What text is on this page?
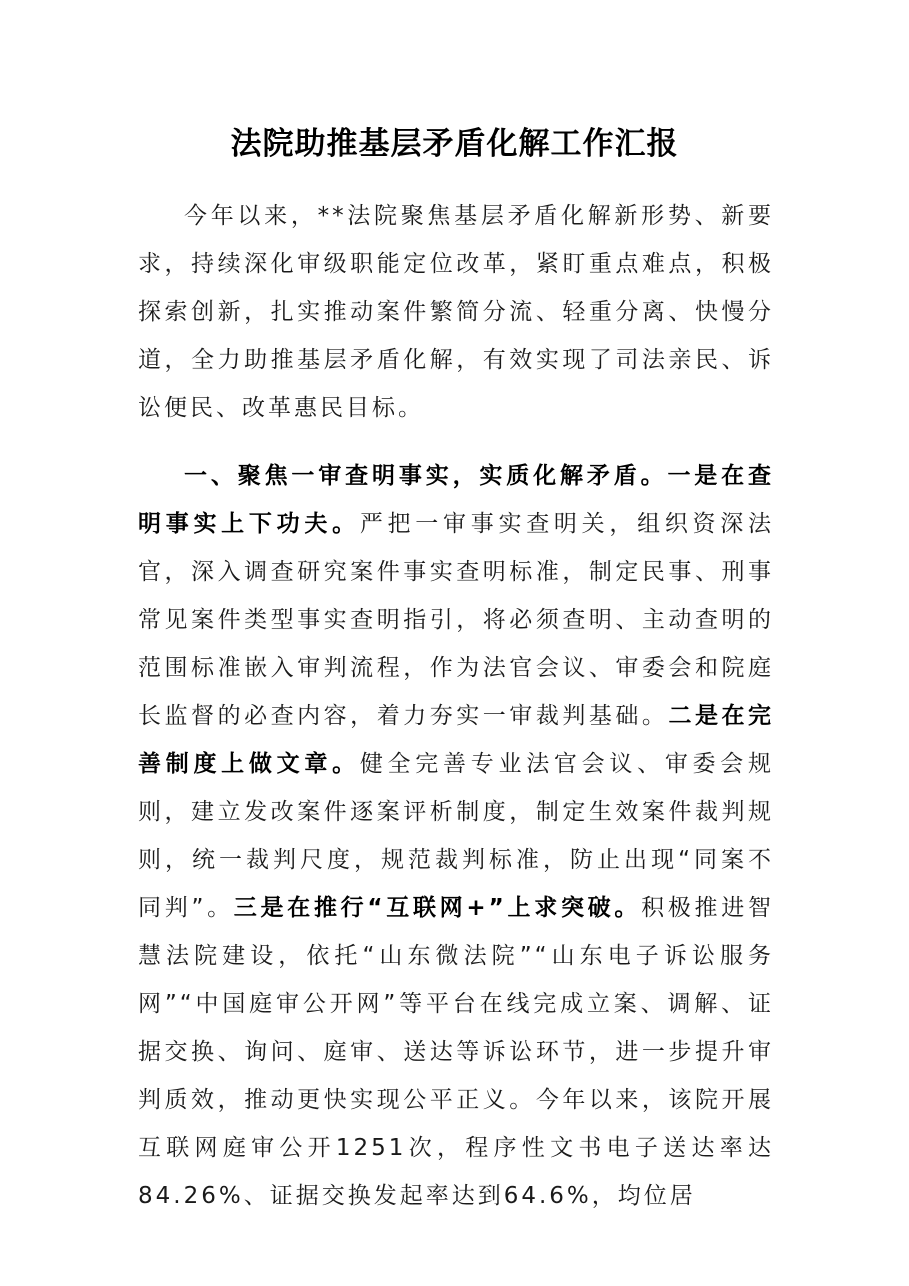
法院助推基层矛盾化解工作汇报

今年以来，**法院聚焦基层矛盾化解新形势、新要求，持续深化审级职能定位改革，紧盯重点难点，积极探索创新，扎实推动案件繁简分流、轻重分离、快慢分道，全力助推基层矛盾化解，有效实现了司法亲民、诉讼便民、改革惠民目标。

一、聚焦一审查明事实，实质化解矛盾。一是在查明事实上下功夫。严把一审事实查明关，组织资深法官，深入调查研究案件事实查明标准，制定民事、刑事常见案件类型事实查明指引，将必须查明、主动查明的范围标准嵌入审判流程，作为法官会议、审委会和院庭长监督的必查内容，着力夯实一审裁判基础。二是在完善制度上做文章。健全完善专业法官会议、审委会规则，建立发改案件逐案评析制度，制定生效案件裁判规则，统一裁判尺度，规范裁判标准，防止出现“同案不同判”。三是在推行“互联网+”上求突破。积极推进智慧法院建设，依托“山东微法院”“山东电子诉讼服务网”“中国庭审公开网”等平台在线完成立案、调解、证据交换、询问、庭审、送达等诉讼环节，进一步提升审判质效，推动更快实现公平正义。今年以来，该院开展互联网庭审公开1251次，程序性文书电子送达率达84.26%、证据交换发起率达到64.6%，均位居
